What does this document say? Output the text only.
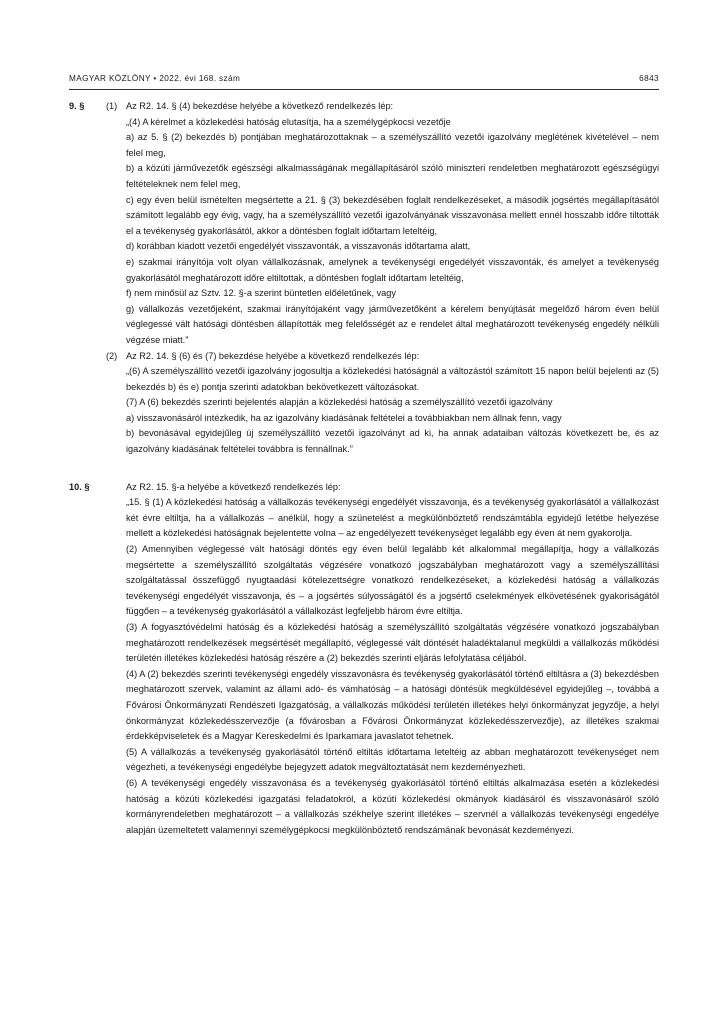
MAGYAR KÖZLÖNY • 2022. évi 168. szám	6843
9. § (1) Az R2. 14. § (4) bekezdése helyébe a következő rendelkezés lép:

„(4) A kérelmet a közlekedési hatóság elutasítja, ha a személygépkocsi vezetője

a) az 5. § (2) bekezdés b) pontjában meghatározottaknak – a személyszállító vezetői igazolvány meglétének kivételével – nem felel meg,

b) a közúti járművezetők egészségi alkalmasságának megállapításáról szóló miniszteri rendeletben meghatározott egészségügyi feltételeknek nem felel meg,

c) egy éven belül ismételten megsértette a 21. § (3) bekezdésében foglalt rendelkezéseket, a második jogsértés megállapításától számított legalább egy évig, vagy, ha a személyszállító vezetői igazolványának visszavonása mellett ennél hosszabb időre tiltották el a tevékenység gyakorlásától, akkor a döntésben foglalt időtartam leteltéig,

d) korábban kiadott vezetői engedélyét visszavonták, a visszavonás időtartama alatt,

e) szakmai irányítója volt olyan vállalkozásnak, amelynek a tevékenységi engedélyét visszavonták, és amelyet a tevékenység gyakorlásától meghatározott időre eltiltottak, a döntésben foglalt időtartam leteltéig,

f) nem minősül az Sztv. 12. §-a szerint büntetlen előéletűnek, vagy

g) vállalkozás vezetőjeként, szakmai irányítójaként vagy járművezetőként a kérelem benyújtását megelőző három éven belül véglegessé vált hatósági döntésben állapították meg felelősségét az e rendelet által meghatározott tevékenység engedély nélküli végzése miatt.”

(2) Az R2. 14. § (6) és (7) bekezdése helyébe a következő rendelkezés lép:

„(6) A személyszállító vezetői igazolvány jogosultja a közlekedési hatóságnál a változástól számított 15 napon belül bejelenti az (5) bekezdés b) és e) pontja szerinti adatokban bekövetkezett változásokat.

(7) A (6) bekezdés szerinti bejelentés alapján a közlekedési hatóság a személyszállító vezetői igazolvány

a) visszavonásáról intézkedik, ha az igazolvány kiadásának feltételei a továbbiakban nem állnak fenn, vagy

b) bevonásával egyidejűleg új személyszállító vezetői igazolványt ad ki, ha annak adataiban változás következett be, és az igazolvány kiadásának feltételei továbbra is fennállnak.”

10. §	Az R2. 15. §-a helyébe a következő rendelkezés lép:

„15. § (1) A közlekedési hatóság a vállalkozás tevékenységi engedélyét visszavonja, és a tevékenység gyakorlásától a vállalkozást két évre eltiltja, ha a vállalkozás – anélkül, hogy a szünetelést a megkülönböztető rendszámtábla egyidejű letétbe helyezése mellett a közlekedési hatóságnak bejelentette volna – az engedélyezett tevékenységet legalább egy éven át nem gyakorolja.

(2) Amennyiben véglegessé vált hatósági döntés egy éven belül legalább két alkalommal megállapítja, hogy a vállalkozás megsértette a személyszállító szolgáltatás végzésére vonatkozó jogszabályban meghatározott vagy a személyszállítási szolgáltatással összefüggő nyugtaadási kötelezettségre vonatkozó rendelkezéseket, a közlekedési hatóság a vállalkozás tevékenységi engedélyét visszavonja, és – a jogsértés súlyosságától és a jogsértő cselekmények elkövetésének gyakoriságától függően – a tevékenység gyakorlásától a vállalkozást legfeljebb három évre eltiltja.

(3) A fogyasztóvédelmi hatóság és a közlekedési hatóság a személyszállító szolgáltatás végzésére vonatkozó jogszabályban meghatározott rendelkezések megsértését megállapító, véglegessé vált döntését haladéktalanul megküldi a vállalkozás működési területén illetékes közlekedési hatóság részére a (2) bekezdés szerinti eljárás lefolytatása céljából.

(4) A (2) bekezdés szerinti tevékenységi engedély visszavonásra és tevékenység gyakorlásától történő eltiltásra a (3) bekezdésben meghatározott szervek, valamint az állami adó- és vámhatóság – a hatósági döntésük megküldésével egyidejűleg –, továbbá a Fővárosi Önkormányzati Rendészeti Igazgatóság, a vállalkozás működési területén illetékes helyi önkormányzat jegyzője, a helyi önkormányzat közlekedésszervezője (a fővárosban a Fővárosi Önkormányzat közlekedésszervezője), az illetékes szakmai érdekképviseletek és a Magyar Kereskedelmi és Iparkamara javaslatot tehetnek.

(5) A vállalkozás a tevékenység gyakorlásától történő eltiltás időtartama leteltéig az abban meghatározott tevékenységet nem végezheti, a tevékenységi engedélybe bejegyzett adatok megváltoztatását nem kezdeményezheti.

(6) A tevékenységi engedély visszavonása és a tevékenység gyakorlásától történő eltiltás alkalmazása esetén a közlekedési hatóság a közúti közlekedési igazgatási feladatokról, a közúti közlekedési okmányok kiadásáról és visszavonásáról szóló kormányrendeletben meghatározott – a vállalkozás székhelye szerint illetékes – szervnél a vállalkozás tevékenységi engedélye alapján üzemeltetett valamennyi személygépkocsi megkülönböztető rendszámának bevonását kezdeményezi.
